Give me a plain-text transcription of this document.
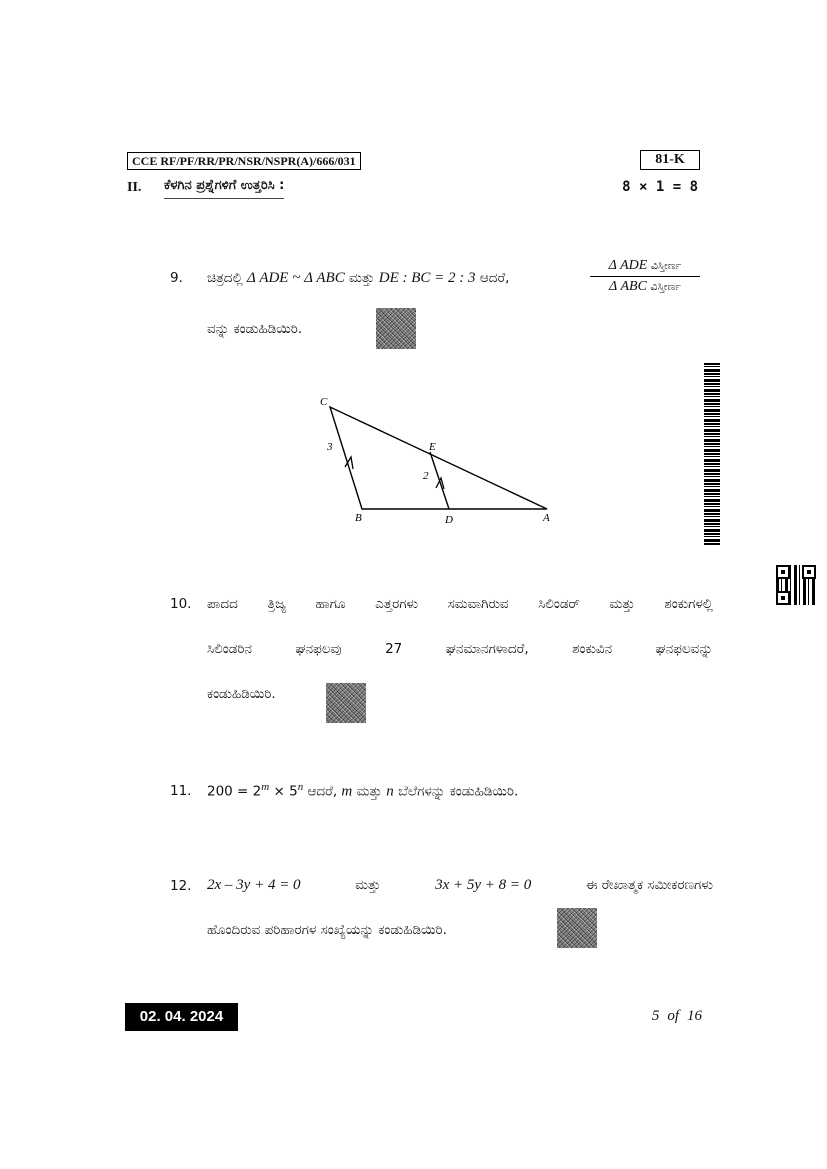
CCE RF/PF/RR/PR/NSR/NSPR(A)/666/031	81-K
II. ಕೆಳಗಿನ ಪ್ರಶ್ನೆಗಳಿಗೆ ಉತ್ತರಿಸಿ :	8 × 1 = 8
9. ಚಿತ್ರದಲ್ಲಿ Δ ADE ~ Δ ABC ಮತ್ತು DE : BC = 2 : 3 ಆದರೆ,
Δ ADE ವಿಸ್ತೀರ್ಣ
Δ ABC ವಿಸ್ತೀರ್ಣ
ವನ್ನು ಕಂಡುಹಿಡಿಯಿರಿ.
C
B	A
D
E
3
2
10. ಪಾದದ ತ್ರಿಜ್ಯ ಹಾಗೂ ಎತ್ತರಗಳು ಸಮವಾಗಿರುವ ಸಿಲಿಂಡರ್ ಮತ್ತು ಶಂಕುಗಳಲ್ಲಿ
ಸಿಲಿಂಡರಿನ	ಘನಫಲವು	27	ಘನಮಾನಗಳಾದರೆ,	ಶಂಕುವಿನ	ಘನಫಲವನ್ನು
ಕಂಡುಹಿಡಿಯಿರಿ.
11. $200 = 2^m \times 5^n$ ಆದರೆ, m ಮತ್ತು n ಬೆಲೆಗಳನ್ನು ಕಂಡುಹಿಡಿಯಿರಿ.
12. 2x – 3y + 4 = 0	ಮತ್ತು	3x + 5y + 8 = 0	ಈ ರೇಖಾತ್ಮಕ ಸಮೀಕರಣಗಳು
ಹೊಂದಿರುವ ಪರಿಹಾರಗಳ ಸಂಖ್ಯೆಯನ್ನು ಕಂಡುಹಿಡಿಯಿರಿ.
02. 04. 2024	5 of 16
